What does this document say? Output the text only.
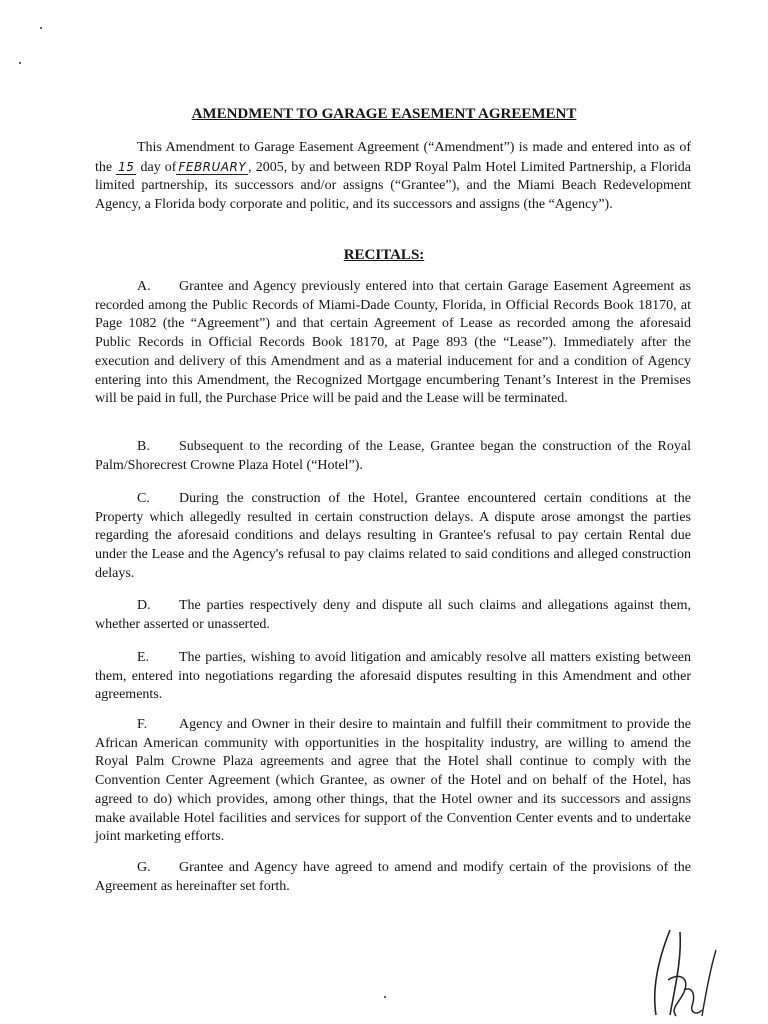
AMENDMENT TO GARAGE EASEMENT AGREEMENT

This Amendment to Garage Easement Agreement (“Amendment”) is made and entered into as of the 15 day of FEBRUARY , 2005, by and between RDP Royal Palm Hotel Limited Partnership, a Florida limited partnership, its successors and/or assigns (“Grantee”), and the Miami Beach Redevelopment Agency, a Florida body corporate and politic, and its successors and assigns (the “Agency”).

RECITALS:

A. Grantee and Agency previously entered into that certain Garage Easement Agreement as recorded among the Public Records of Miami-Dade County, Florida, in Official Records Book 18170, at Page 1082 (the “Agreement”) and that certain Agreement of Lease as recorded among the aforesaid Public Records in Official Records Book 18170, at Page 893 (the “Lease”). Immediately after the execution and delivery of this Amendment and as a material inducement for and a condition of Agency entering into this Amendment, the Recognized Mortgage encumbering Tenant’s Interest in the Premises will be paid in full, the Purchase Price will be paid and the Lease will be terminated.

B. Subsequent to the recording of the Lease, Grantee began the construction of the Royal Palm/Shorecrest Crowne Plaza Hotel (“Hotel”).

C. During the construction of the Hotel, Grantee encountered certain conditions at the Property which allegedly resulted in certain construction delays. A dispute arose amongst the parties regarding the aforesaid conditions and delays resulting in Grantee's refusal to pay certain Rental due under the Lease and the Agency's refusal to pay claims related to said conditions and alleged construction delays.

D. The parties respectively deny and dispute all such claims and allegations against them, whether asserted or unasserted.

E. The parties, wishing to avoid litigation and amicably resolve all matters existing between them, entered into negotiations regarding the aforesaid disputes resulting in this Amendment and other agreements.

F. Agency and Owner in their desire to maintain and fulfill their commitment to provide the African American community with opportunities in the hospitality industry, are willing to amend the Royal Palm Crowne Plaza agreements and agree that the Hotel shall continue to comply with the Convention Center Agreement (which Grantee, as owner of the Hotel and on behalf of the Hotel, has agreed to do) which provides, among other things, that the Hotel owner and its successors and assigns make available Hotel facilities and services for support of the Convention Center events and to undertake joint marketing efforts.

G. Grantee and Agency have agreed to amend and modify certain of the provisions of the Agreement as hereinafter set forth.
